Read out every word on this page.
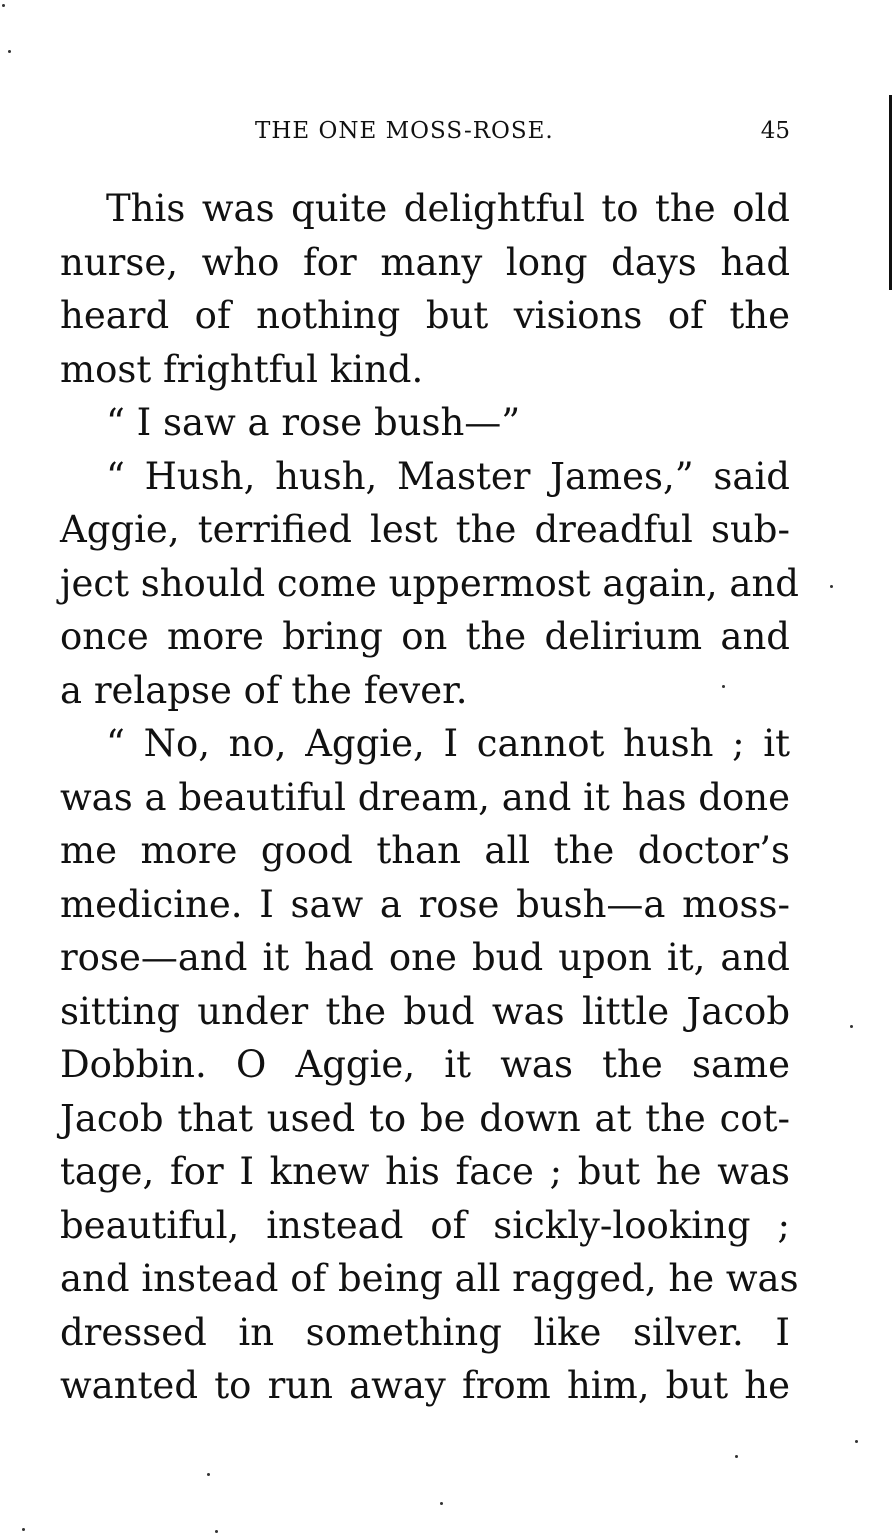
THE ONE MOSS-ROSE.	45
This was quite delightful to the old
nurse, who for many long days had
heard of nothing but visions of the
most frightful kind.
“ I saw a rose bush—”
“ Hush, hush, Master James,” said
Aggie, terrified lest the dreadful sub-
ject should come uppermost again, and
once more bring on the delirium and
a relapse of the fever.
“ No, no, Aggie, I cannot hush ; it
was a beautiful dream, and it has done
me more good than all the doctor’s
medicine. I saw a rose bush—a moss-
rose—and it had one bud upon it, and
sitting under the bud was little Jacob
Dobbin. O Aggie, it was the same
Jacob that used to be down at the cot-
tage, for I knew his face ; but he was
beautiful, instead of sickly-looking ;
and instead of being all ragged, he was
dressed in something like silver. I
wanted to run away from him, but he
